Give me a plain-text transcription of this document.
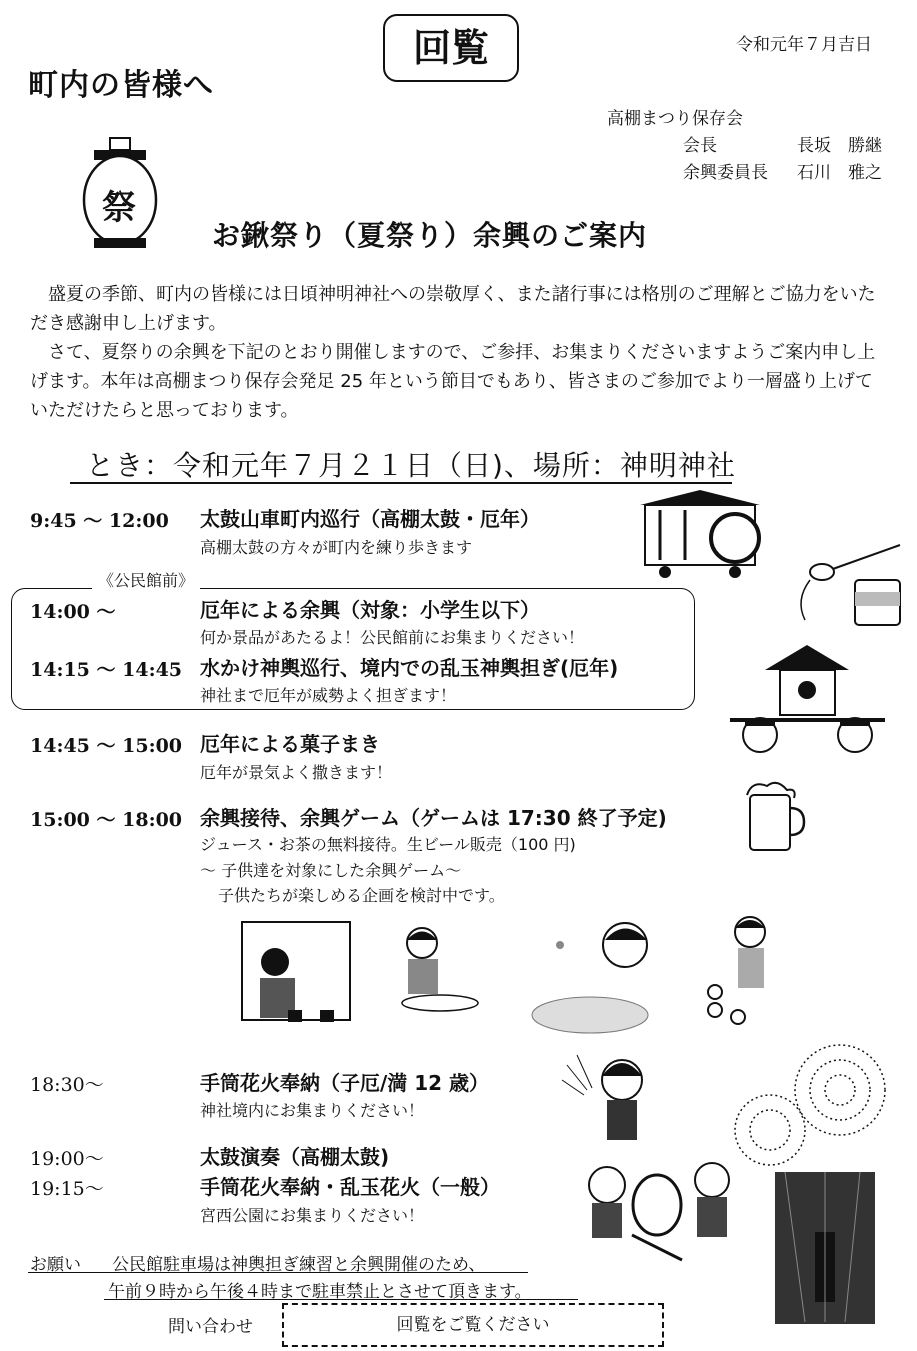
町内の皆様へ
回覧	令和元年７月吉日
高棚まつり保存会
会長	長坂　勝継
余興委員長 石川　雅之
祭
お鍬祭り（夏祭り）余興のご案内

盛夏の季節、町内の皆様には日頃神明神社への崇敬厚く、また諸行事には格別のご理解とご協力をいただき感謝申し上げます。

さて、夏祭りの余興を下記のとおり開催しますので、ご参拝、お集まりくださいますようご案内申し上げます。本年は高棚まつり保存会発足 25 年という節目でもあり、皆さまのご参加でより一層盛り上げていただけたらと思っております。

とき：令和元年７月２１日（日)、場所：神明神社
9:45 ～ 12:00 太鼓山車町内巡行（高棚太鼓・厄年）
高棚太鼓の方々が町内を練り歩きます
《公民館前》
14:00 ～	厄年による余興（対象：小学生以下）
何か景品があたるよ！公民館前にお集まりください！
14:15 ～ 14:45 水かけ神輿巡行、境内での乱玉神輿担ぎ(厄年)
神社まで厄年が威勢よく担ぎます！
14:45 ～ 15:00 厄年による菓子まき
厄年が景気よく撒きます！
15:00 ～ 18:00 余興接待、余興ゲーム（ゲームは 17:30 終了予定)
ジュース・お茶の無料接待。生ビール販売（100 円)
～ 子供達を対象にした余興ゲーム～
子供たちが楽しめる企画を検討中です。
18:30～	手筒花火奉納（子厄/満 12 歳）
神社境内にお集まりください！
19:00～	太鼓演奏（高棚太鼓)
19:15～	手筒花火奉納・乱玉花火（一般）
宮西公園にお集まりください！
お願い 公民館駐車場は神輿担ぎ練習と余興開催のため、
午前９時から午後４時まで駐車禁止とさせて頂きます。
問い合わせ	回覧をご覧ください
